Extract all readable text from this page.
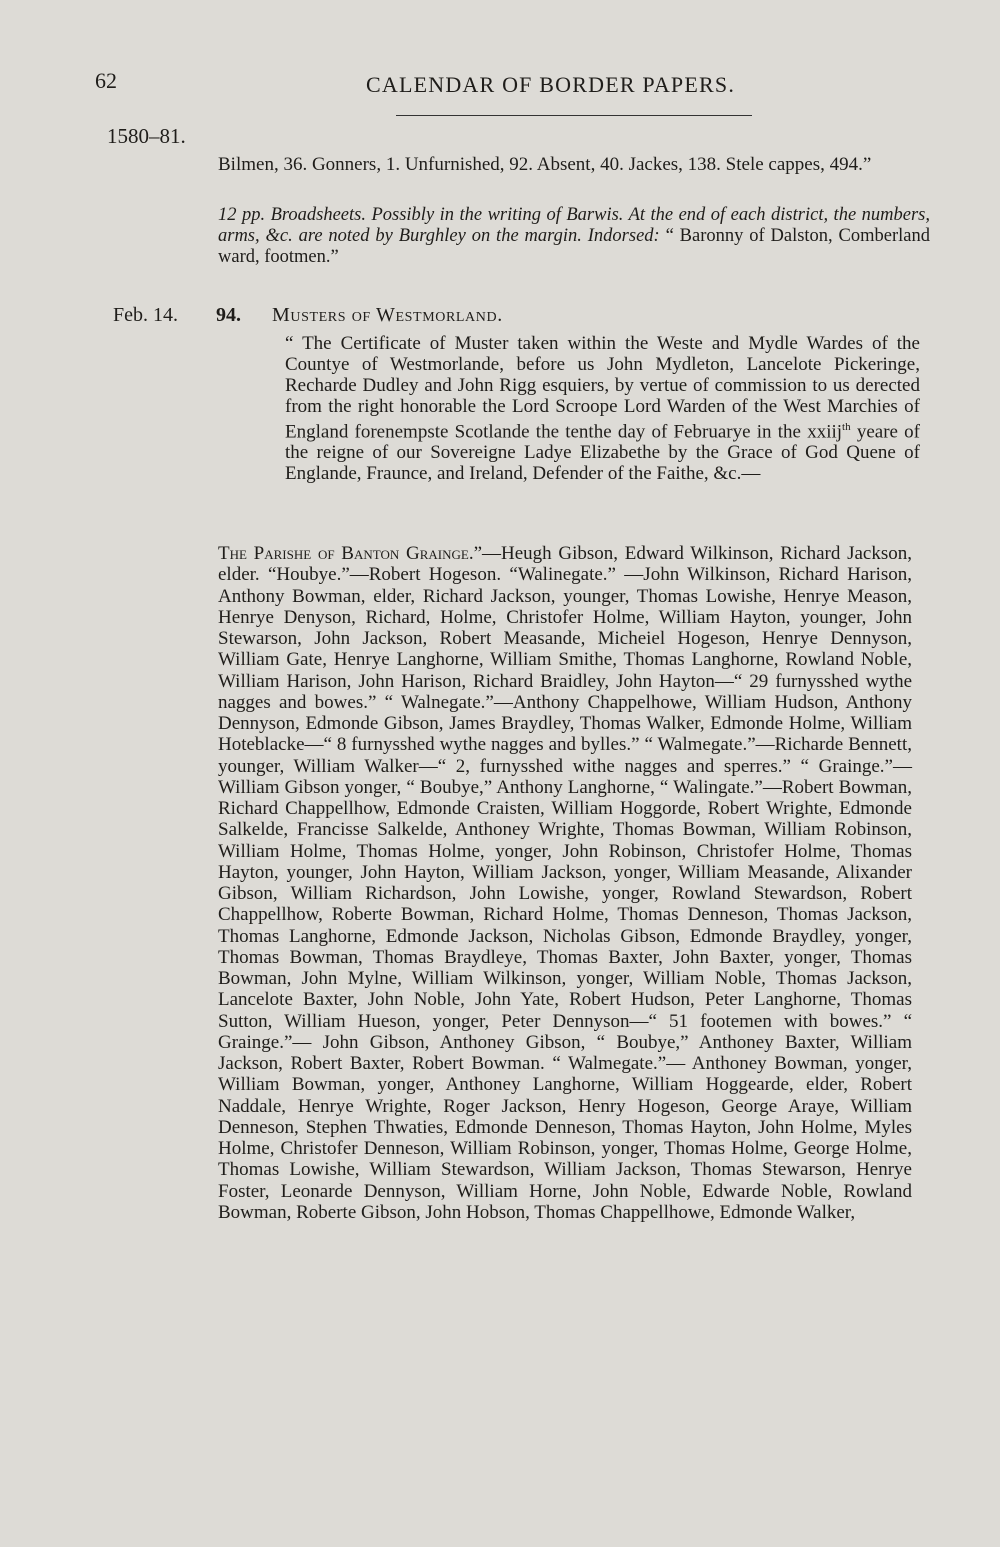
62	CALENDAR OF BORDER PAPERS.
1580–81.

Bilmen, 36. Gonners, 1. Unfurnished, 92. Absent, 40. Jackes, 138. Stele cappes, 494.”

12 pp. Broadsheets. Possibly in the writing of Barwis. At the end of each district, the numbers, arms, &c. are noted by Burghley on the margin. Indorsed: “ Baronny of Dalston, Comberland ward, footmen.”

Feb. 14. 94. Musters of Westmorland.

“ The Certificate of Muster taken within the Weste and Mydle Wardes of the Countye of Westmorlande, before us John Mydleton, Lancelote Pickeringe, Recharde Dudley and John Rigg esquiers, by vertue of commission to us derected from the right honorable the Lord Scroope Lord Warden of the West Marchies of England forenempste Scotlande the tenthe day of Februarye in the xxiij$^{th}$ yeare of the reigne of our Sovereigne Ladye Elizabethe by the Grace of God Quene of Englande, Fraunce, and Ireland, Defender of the Faithe, &c.—

The Parishe of Banton Grainge.”—Heugh Gibson, Edward Wilkinson, Richard Jackson, elder. “Houbye.”—Robert Hogeson. “Walinegate.” —John Wilkinson, Richard Harison, Anthony Bowman, elder, Richard Jackson, younger, Thomas Lowishe, Henrye Meason, Henrye Denyson, Richard, Holme, Christofer Holme, William Hayton, younger, John Stewarson, John Jackson, Robert Measande, Micheiel Hogeson, Henrye Dennyson, William Gate, Henrye Langhorne, William Smithe, Thomas Langhorne, Rowland Noble, William Harison, John Harison, Richard Braidley, John Hayton—“ 29 furnysshed wythe nagges and bowes.” “ Walnegate.”—Anthony Chappelhowe, William Hudson, Anthony Dennyson, Edmonde Gibson, James Braydley, Thomas Walker, Edmonde Holme, William Hoteblacke—“ 8 furnysshed wythe nagges and bylles.” “ Walmegate.”—Richarde Bennett, younger, William Walker—“ 2, furnysshed withe nagges and sperres.” “ Grainge.”—William Gibson yonger, “ Boubye,” Anthony Langhorne, “ Walingate.”—Robert Bowman, Richard Chappellhow, Edmonde Craisten, William Hoggorde, Robert Wrighte, Edmonde Salkelde, Francisse Salkelde, Anthoney Wrighte, Thomas Bowman, William Robinson, William Holme, Thomas Holme, yonger, John Robinson, Christofer Holme, Thomas Hayton, younger, John Hayton, William Jackson, yonger, William Measande, Alixander Gibson, William Richardson, John Lowishe, yonger, Rowland Stewardson, Robert Chappellhow, Roberte Bowman, Richard Holme, Thomas Denneson, Thomas Jackson, Thomas Langhorne, Edmonde Jackson, Nicholas Gibson, Edmonde Braydley, yonger, Thomas Bowman, Thomas Braydleye, Thomas Baxter, John Baxter, yonger, Thomas Bowman, John Mylne, William Wilkinson, yonger, William Noble, Thomas Jackson, Lancelote Baxter, John Noble, John Yate, Robert Hudson, Peter Langhorne, Thomas Sutton, William Hueson, yonger, Peter Dennyson—“ 51 footemen with bowes.” “ Grainge.”— John Gibson, Anthoney Gibson, “ Boubye,” Anthoney Baxter, William Jackson, Robert Baxter, Robert Bowman. “ Walmegate.”— Anthoney Bowman, yonger, William Bowman, yonger, Anthoney Langhorne, William Hoggearde, elder, Robert Naddale, Henrye Wrighte, Roger Jackson, Henry Hogeson, George Araye, William Denneson, Stephen Thwaties, Edmonde Denneson, Thomas Hayton, John Holme, Myles Holme, Christofer Denneson, William Robinson, yonger, Thomas Holme, George Holme, Thomas Lowishe, William Stewardson, William Jackson, Thomas Stewarson, Henrye Foster, Leonarde Dennyson, William Horne, John Noble, Edwarde Noble, Rowland Bowman, Roberte Gibson, John Hobson, Thomas Chappellhowe, Edmonde Walker,
